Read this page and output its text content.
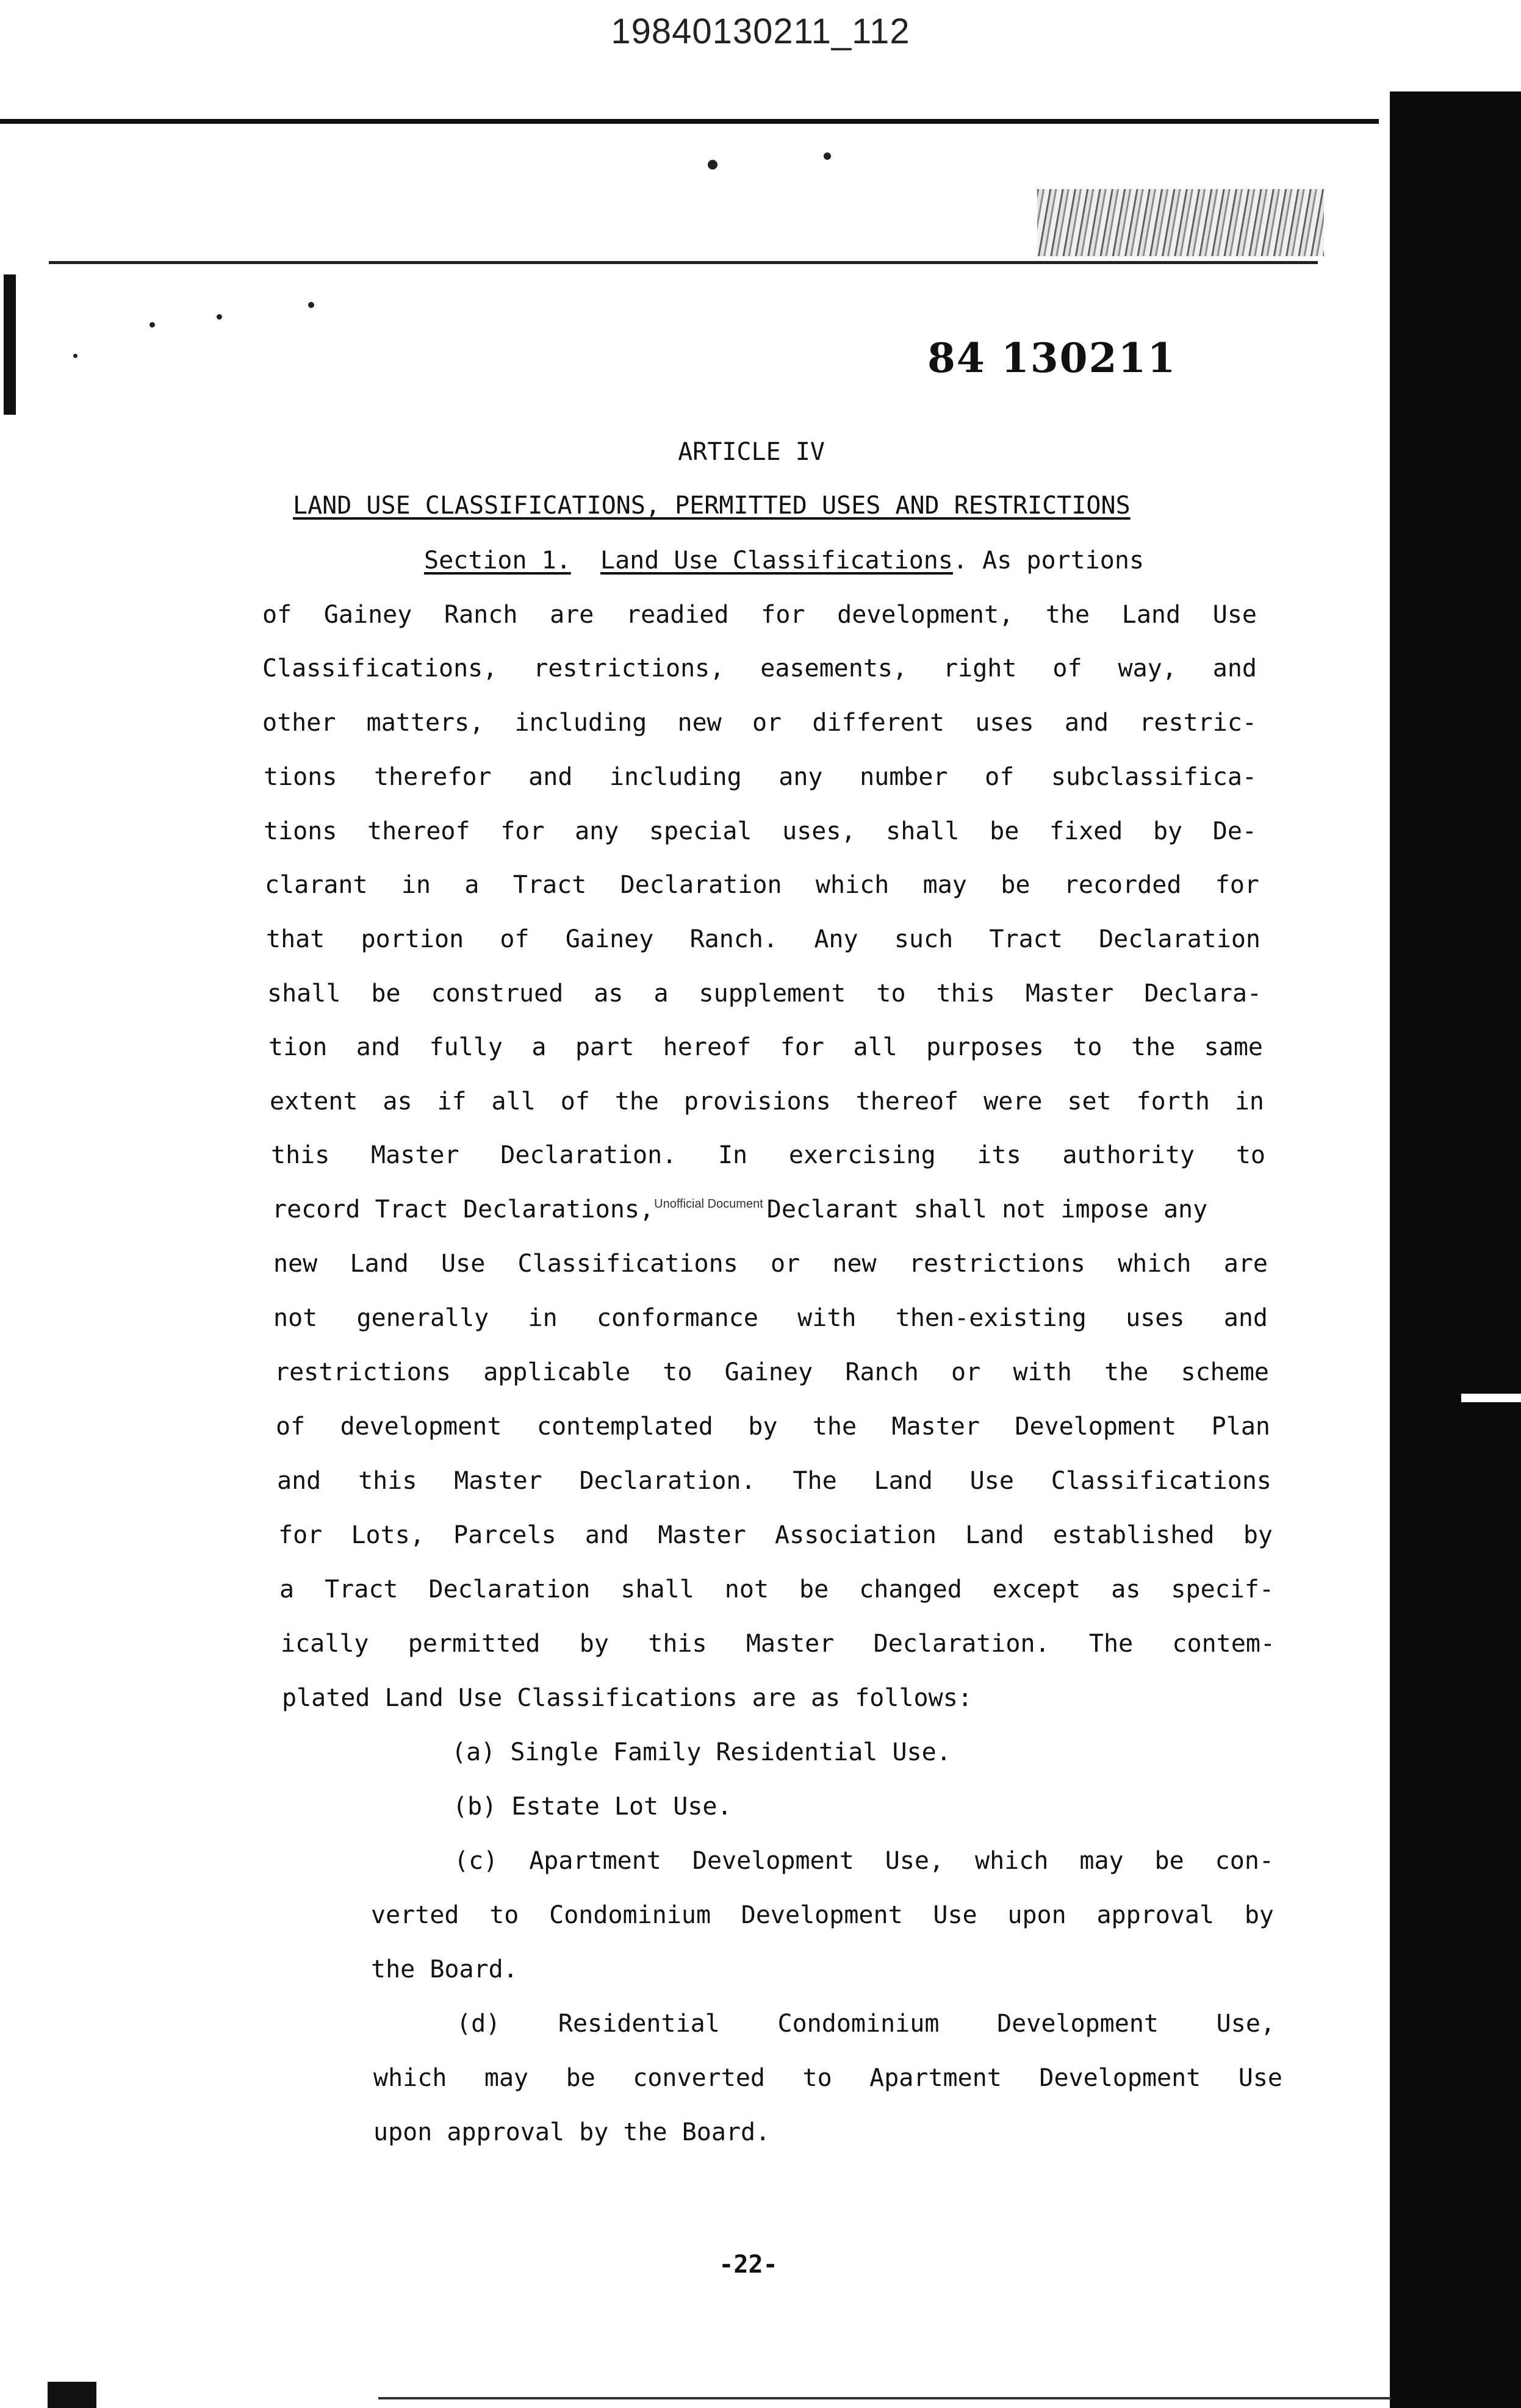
19840130211_112
84 130211
ARTICLE IV
LAND USE CLASSIFICATIONS, PERMITTED USES AND RESTRICTIONS
Section 1. Land Use Classifications. As portions
of Gainey Ranch are readied for development, the Land Use
Classifications, restrictions, easements, right of way, and
other matters, including new or different uses and restric-
tions therefor and including any number of subclassifica-
tions thereof for any special uses, shall be fixed by De-
clarant in a Tract Declaration which may be recorded for
that portion of Gainey Ranch. Any such Tract Declaration
shall be construed as a supplement to this Master Declara-
tion and fully a part hereof for all purposes to the same
extent as if all of the provisions thereof were set forth in
this Master Declaration. In exercising its authority to
record Tract Declarations,$^{Unofficial Document}$ Declarant shall not impose any
new Land Use Classifications or new restrictions which are
not generally in conformance with then-existing uses and
restrictions applicable to Gainey Ranch or with the scheme
of development contemplated by the Master Development Plan
and this Master Declaration. The Land Use Classifications
for Lots, Parcels and Master Association Land established by
a Tract Declaration shall not be changed except as specif-
ically permitted by this Master Declaration. The contem-
plated Land Use Classifications are as follows:
(a) Single Family Residential Use.
(b) Estate Lot Use.
(c) Apartment Development Use, which may be con-
verted to Condominium Development Use upon approval by
the Board.
(d) Residential Condominium Development Use,
which may be converted to Apartment Development Use
upon approval by the Board.
-22-
